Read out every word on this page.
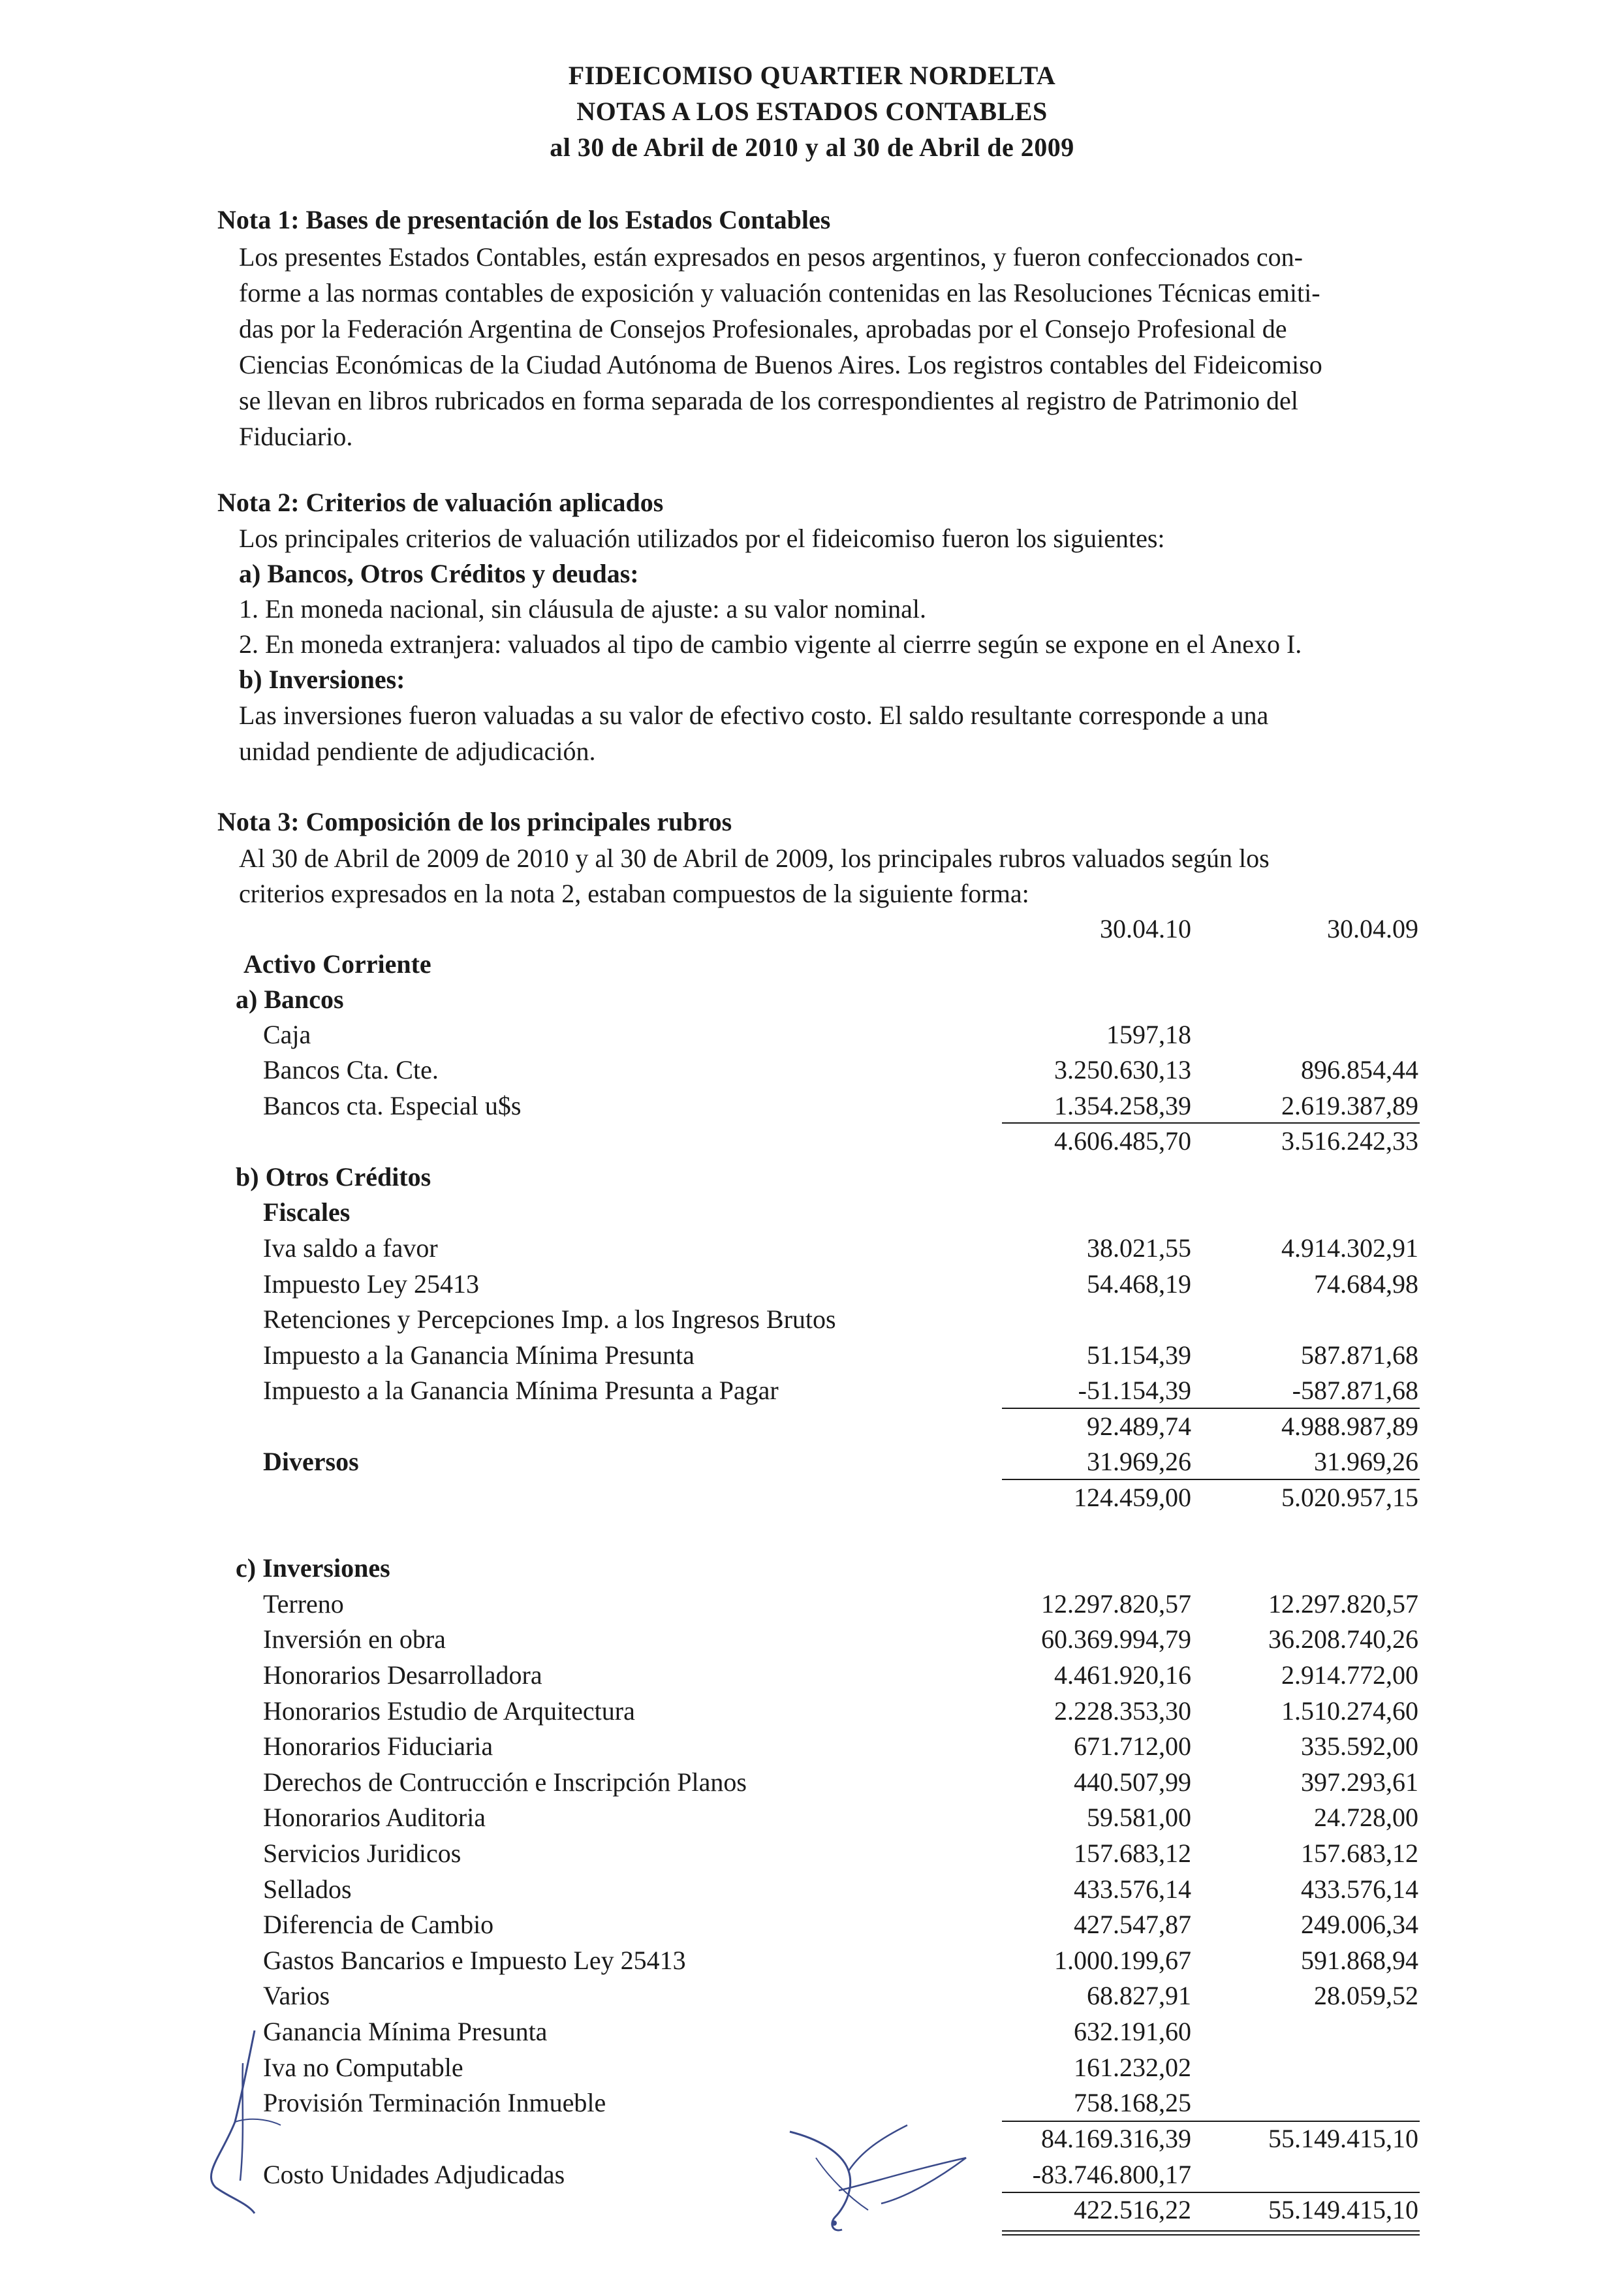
FIDEICOMISO QUARTIER NORDELTA
NOTAS A LOS ESTADOS CONTABLES
al 30 de Abril de 2010 y al 30 de Abril de 2009
Nota 1: Bases de presentación de los Estados Contables
Los presentes Estados Contables, están expresados en pesos argentinos, y fueron confeccionados con-
forme a las normas contables de exposición y valuación contenidas en las Resoluciones Técnicas emiti-
das por la Federación Argentina de Consejos Profesionales, aprobadas por el Consejo Profesional de
Ciencias Económicas de la Ciudad Autónoma de Buenos Aires. Los registros contables del Fideicomiso
se llevan en libros rubricados en forma separada de los correspondientes al registro de Patrimonio del
Fiduciario.
Nota 2: Criterios de valuación aplicados
Los principales criterios de valuación utilizados por el fideicomiso fueron los siguientes:
a) Bancos, Otros Créditos y deudas:
1. En moneda nacional, sin cláusula de ajuste: a su valor nominal.
2. En moneda extranjera: valuados al tipo de cambio vigente al cierrre según se expone en el Anexo I.
b) Inversiones:
Las inversiones fueron valuadas a su valor de efectivo costo. El saldo resultante corresponde a una
unidad pendiente de adjudicación.
Nota 3: Composición de los principales rubros
Al 30 de Abril de 2009 de 2010 y al 30 de Abril de 2009, los principales rubros valuados según los
criterios expresados en la nota 2, estaban compuestos de la siguiente forma:
30.04.10	30.04.09
Activo Corriente
a) Bancos
Caja	1597,18
Bancos Cta. Cte.	3.250.630,13	896.854,44
Bancos cta. Especial u$s	1.354.258,39	2.619.387,89
4.606.485,70	3.516.242,33
b) Otros Créditos
Fiscales
Iva saldo a favor	38.021,55	4.914.302,91
Impuesto Ley 25413	54.468,19	74.684,98
Retenciones y Percepciones Imp. a los Ingresos Brutos
Impuesto a la Ganancia Mínima Presunta	51.154,39	587.871,68
Impuesto a la Ganancia Mínima Presunta a Pagar	-51.154,39	-587.871,68
92.489,74	4.988.987,89
Diversos	31.969,26	31.969,26
124.459,00	5.020.957,15
c) Inversiones
Terreno	12.297.820,57	12.297.820,57
Inversión en obra	60.369.994,79	36.208.740,26
Honorarios Desarrolladora	4.461.920,16	2.914.772,00
Honorarios Estudio de Arquitectura	2.228.353,30	1.510.274,60
Honorarios Fiduciaria	671.712,00	335.592,00
Derechos de Contrucción e Inscripción Planos	440.507,99	397.293,61
Honorarios Auditoria	59.581,00	24.728,00
Servicios Juridicos	157.683,12	157.683,12
Sellados	433.576,14	433.576,14
Diferencia de Cambio	427.547,87	249.006,34
Gastos Bancarios e Impuesto Ley 25413	1.000.199,67	591.868,94
Varios	68.827,91	28.059,52
Ganancia Mínima Presunta	632.191,60
Iva no Computable	161.232,02
Provisión Terminación Inmueble	758.168,25
84.169.316,39	55.149.415,10
Costo Unidades Adjudicadas	-83.746.800,17
422.516,22	55.149.415,10
